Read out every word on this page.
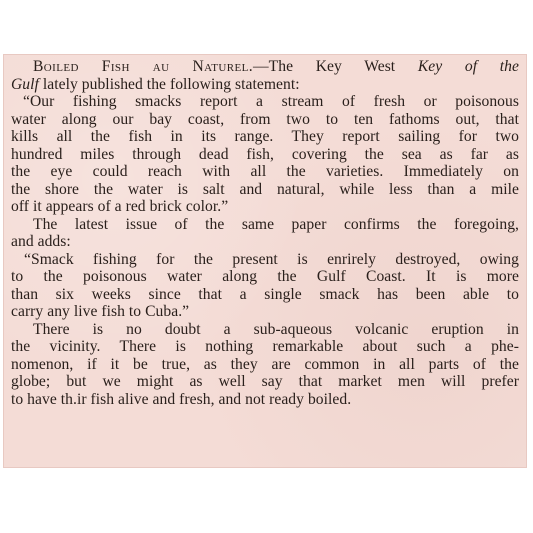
Boiled Fish au Naturel.—The Key West Key of the
Gulf lately published the following statement:
“Our fishing smacks report a stream of fresh or poisonous
water along our bay coast, from two to ten fathoms out, that
kills all the fish in its range. They report sailing for two
hundred miles through dead fish, covering the sea as far as
the eye could reach with all the varieties. Immediately on
the shore the water is salt and natural, while less than a mile
off it appears of a red brick color.”
The latest issue of the same paper confirms the foregoing,
and adds:
“Smack fishing for the present is enrirely destroyed, owing
to the poisonous water along the Gulf Coast. It is more
than six weeks since that a single smack has been able to
carry any live fish to Cuba.”
There is no doubt a sub-aqueous volcanic eruption in
the vicinity. There is nothing remarkable about such a phe-
nomenon, if it be true, as they are common in all parts of the
globe; but we might as well say that market men will prefer
to have th.ir fish alive and fresh, and not ready boiled.
